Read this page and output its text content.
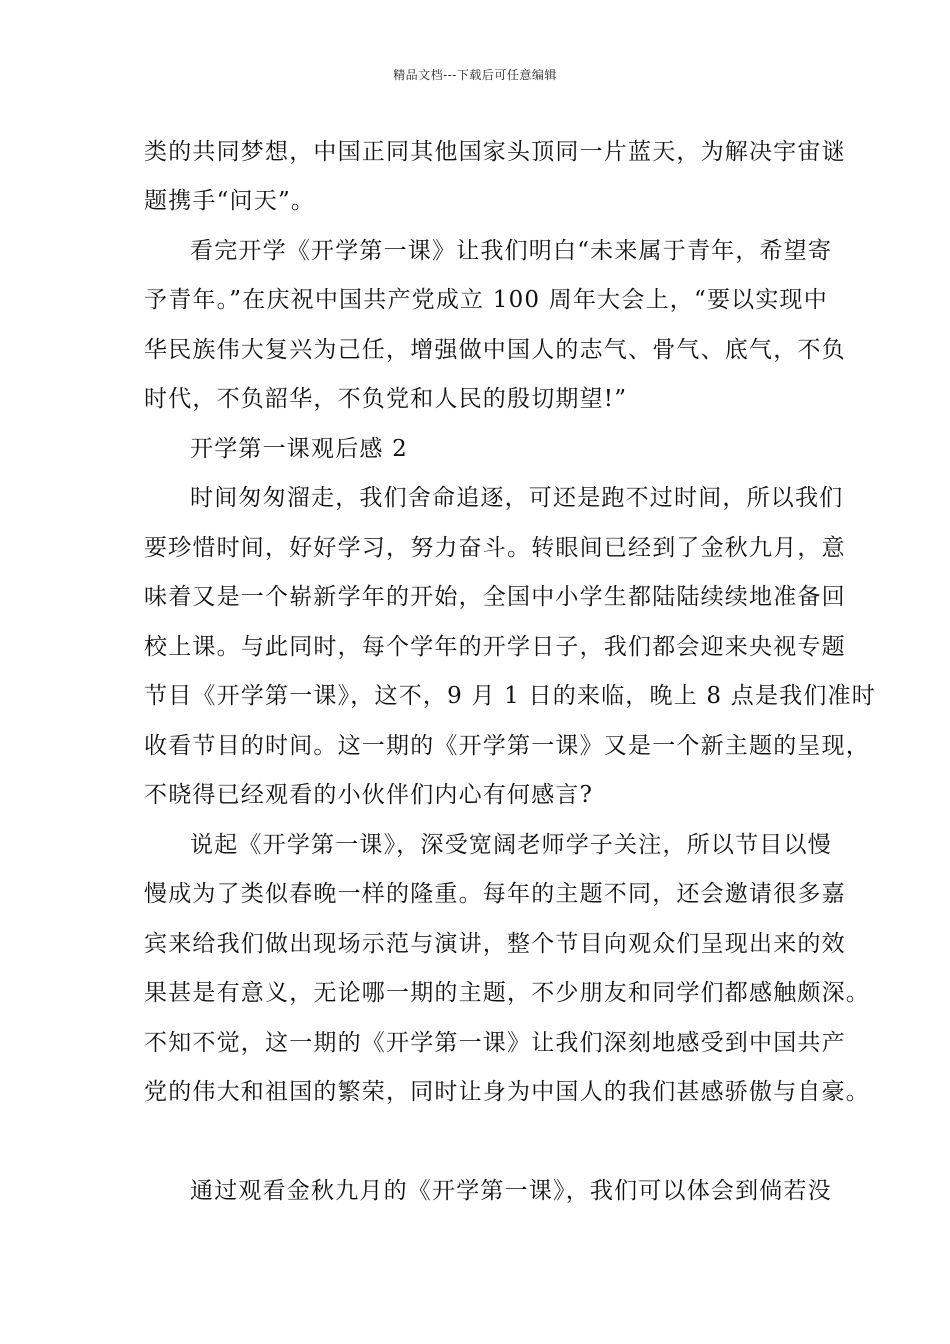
精品文档---下载后可任意编辑
类的共同梦想，中国正同其他国家头顶同一片蓝天，为解决宇宙谜
题携手“问天”。
看完开学《开学第一课》让我们明白“未来属于青年，希望寄
予青年。”在庆祝中国共产党成立 100 周年大会上，“要以实现中
华民族伟大复兴为己任，增强做中国人的志气、骨气、底气，不负
时代，不负韶华，不负党和人民的殷切期望!”
开学第一课观后感 2
时间匆匆溜走，我们舍命追逐，可还是跑不过时间，所以我们
要珍惜时间，好好学习，努力奋斗。转眼间已经到了金秋九月，意
味着又是一个崭新学年的开始，全国中小学生都陆陆续续地准备回
校上课。与此同时，每个学年的开学日子，我们都会迎来央视专题
节目《开学第一课》，这不，9 月 1 日的来临，晚上 8 点是我们准时
收看节目的时间。这一期的《开学第一课》又是一个新主题的呈现，
不晓得已经观看的小伙伴们内心有何感言?
说起《开学第一课》，深受宽阔老师学子关注，所以节目以慢
慢成为了类似春晚一样的隆重。每年的主题不同，还会邀请很多嘉
宾来给我们做出现场示范与演讲，整个节目向观众们呈现出来的效
果甚是有意义，无论哪一期的主题，不少朋友和同学们都感触颇深。
不知不觉，这一期的《开学第一课》让我们深刻地感受到中国共产
党的伟大和祖国的繁荣，同时让身为中国人的我们甚感骄傲与自豪。
通过观看金秋九月的《开学第一课》，我们可以体会到倘若没
